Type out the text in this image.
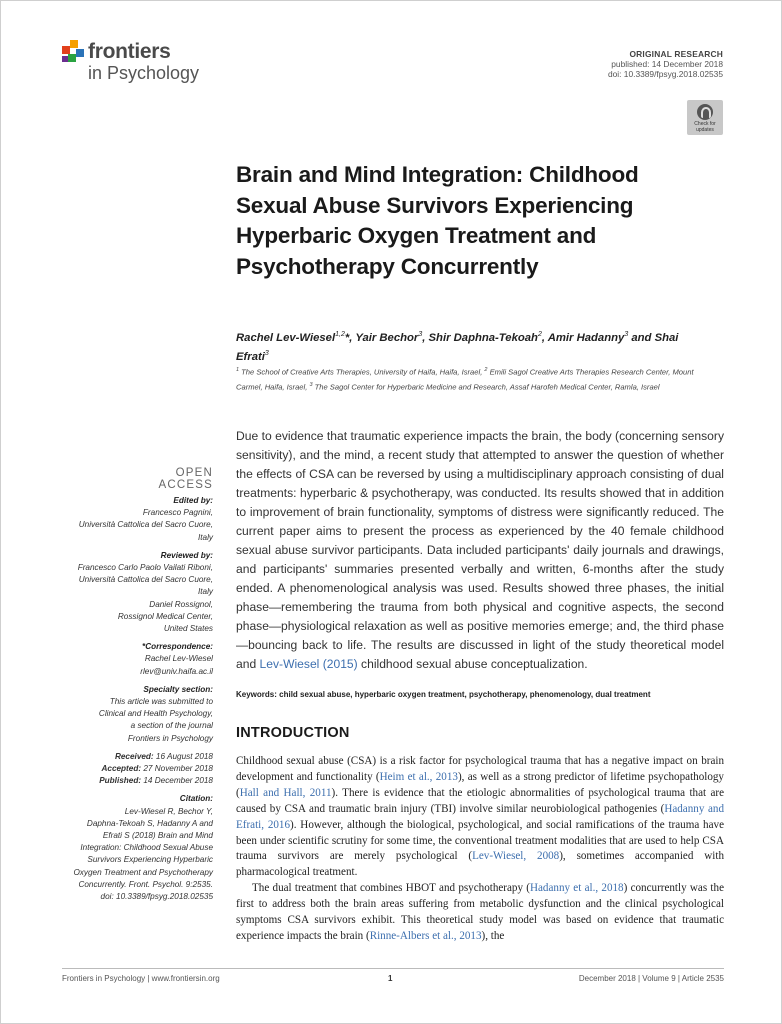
frontiers
in Psychology
ORIGINAL RESEARCH
published: 14 December 2018
doi: 10.3389/fpsyg.2018.02535
Check for updates
Brain and Mind Integration: Childhood Sexual Abuse Survivors Experiencing Hyperbaric Oxygen Treatment and Psychotherapy Concurrently
Rachel Lev-Wiesel$^{1,2}$*, Yair Bechor$^3$, Shir Daphna-Tekoah$^2$, Amir Hadanny$^3$ and Shai Efrati$^3$
$^1$ The School of Creative Arts Therapies, University of Haifa, Haifa, Israel, $^2$ Emili Sagol Creative Arts Therapies Research Center, Mount Carmel, Haifa, Israel, $^3$ The Sagol Center for Hyperbaric Medicine and Research, Assaf Harofeh Medical Center, Ramla, Israel
OPEN ACCESS
Edited by:
Francesco Pagnini,
Università Cattolica del Sacro Cuore,
Italy
Reviewed by:
Francesco Carlo Paolo Vailati Riboni,
Università Cattolica del Sacro Cuore,
Italy
Daniel Rossignol,
Rossignol Medical Center,
United States
*Correspondence:
Rachel Lev-Wiesel
rlev@univ.haifa.ac.il
Specialty section:
This article was submitted to
Clinical and Health Psychology,
a section of the journal
Frontiers in Psychology
Received: 16 August 2018
Accepted: 27 November 2018
Published: 14 December 2018
Citation:
Lev-Wiesel R, Bechor Y,
Daphna-Tekoah S, Hadanny A and
Efrati S (2018) Brain and Mind
Integration: Childhood Sexual Abuse
Survivors Experiencing Hyperbaric
Oxygen Treatment and Psychotherapy
Concurrently. Front. Psychol. 9:2535.
doi: 10.3389/fpsyg.2018.02535
Due to evidence that traumatic experience impacts the brain, the body (concerning sensory sensitivity), and the mind, a recent study that attempted to answer the question of whether the effects of CSA can be reversed by using a multidisciplinary approach consisting of dual treatments: hyperbaric & psychotherapy, was conducted. Its results showed that in addition to improvement of brain functionality, symptoms of distress were significantly reduced. The current paper aims to present the process as experienced by the 40 female childhood sexual abuse survivor participants. Data included participants' daily journals and drawings, and participants' summaries presented verbally and written, 6-months after the study ended. A phenomenological analysis was used. Results showed three phases, the initial phase—remembering the trauma from both physical and cognitive aspects, the second phase—physiological relaxation as well as positive memories emerge; and, the third phase—bouncing back to life. The results are discussed in light of the study theoretical model and Lev-Wiesel (2015) childhood sexual abuse conceptualization.
Keywords: child sexual abuse, hyperbaric oxygen treatment, psychotherapy, phenomenology, dual treatment
INTRODUCTION

Childhood sexual abuse (CSA) is a risk factor for psychological trauma that has a negative impact on brain development and functionality (Heim et al., 2013), as well as a strong predictor of lifetime psychopathology (Hall and Hall, 2011). There is evidence that the etiologic abnormalities of psychological trauma that are caused by CSA and traumatic brain injury (TBI) involve similar neurobiological pathogenies (Hadanny and Efrati, 2016). However, although the biological, psychological, and social ramifications of the trauma have been under scientific scrutiny for some time, the conventional treatment modalities that are used to help CSA trauma survivors are merely psychological (Lev-Wiesel, 2008), sometimes accompanied with pharmacological treatment.

The dual treatment that combines HBOT and psychotherapy (Hadanny et al., 2018) concurrently was the first to address both the brain areas suffering from metabolic dysfunction and the clinical psychological symptoms CSA survivors exhibit. This theoretical study model was based on evidence that traumatic experience impacts the brain (Rinne-Albers et al., 2013), the

Frontiers in Psychology | www.frontiersin.org	1	December 2018 | Volume 9 | Article 2535
